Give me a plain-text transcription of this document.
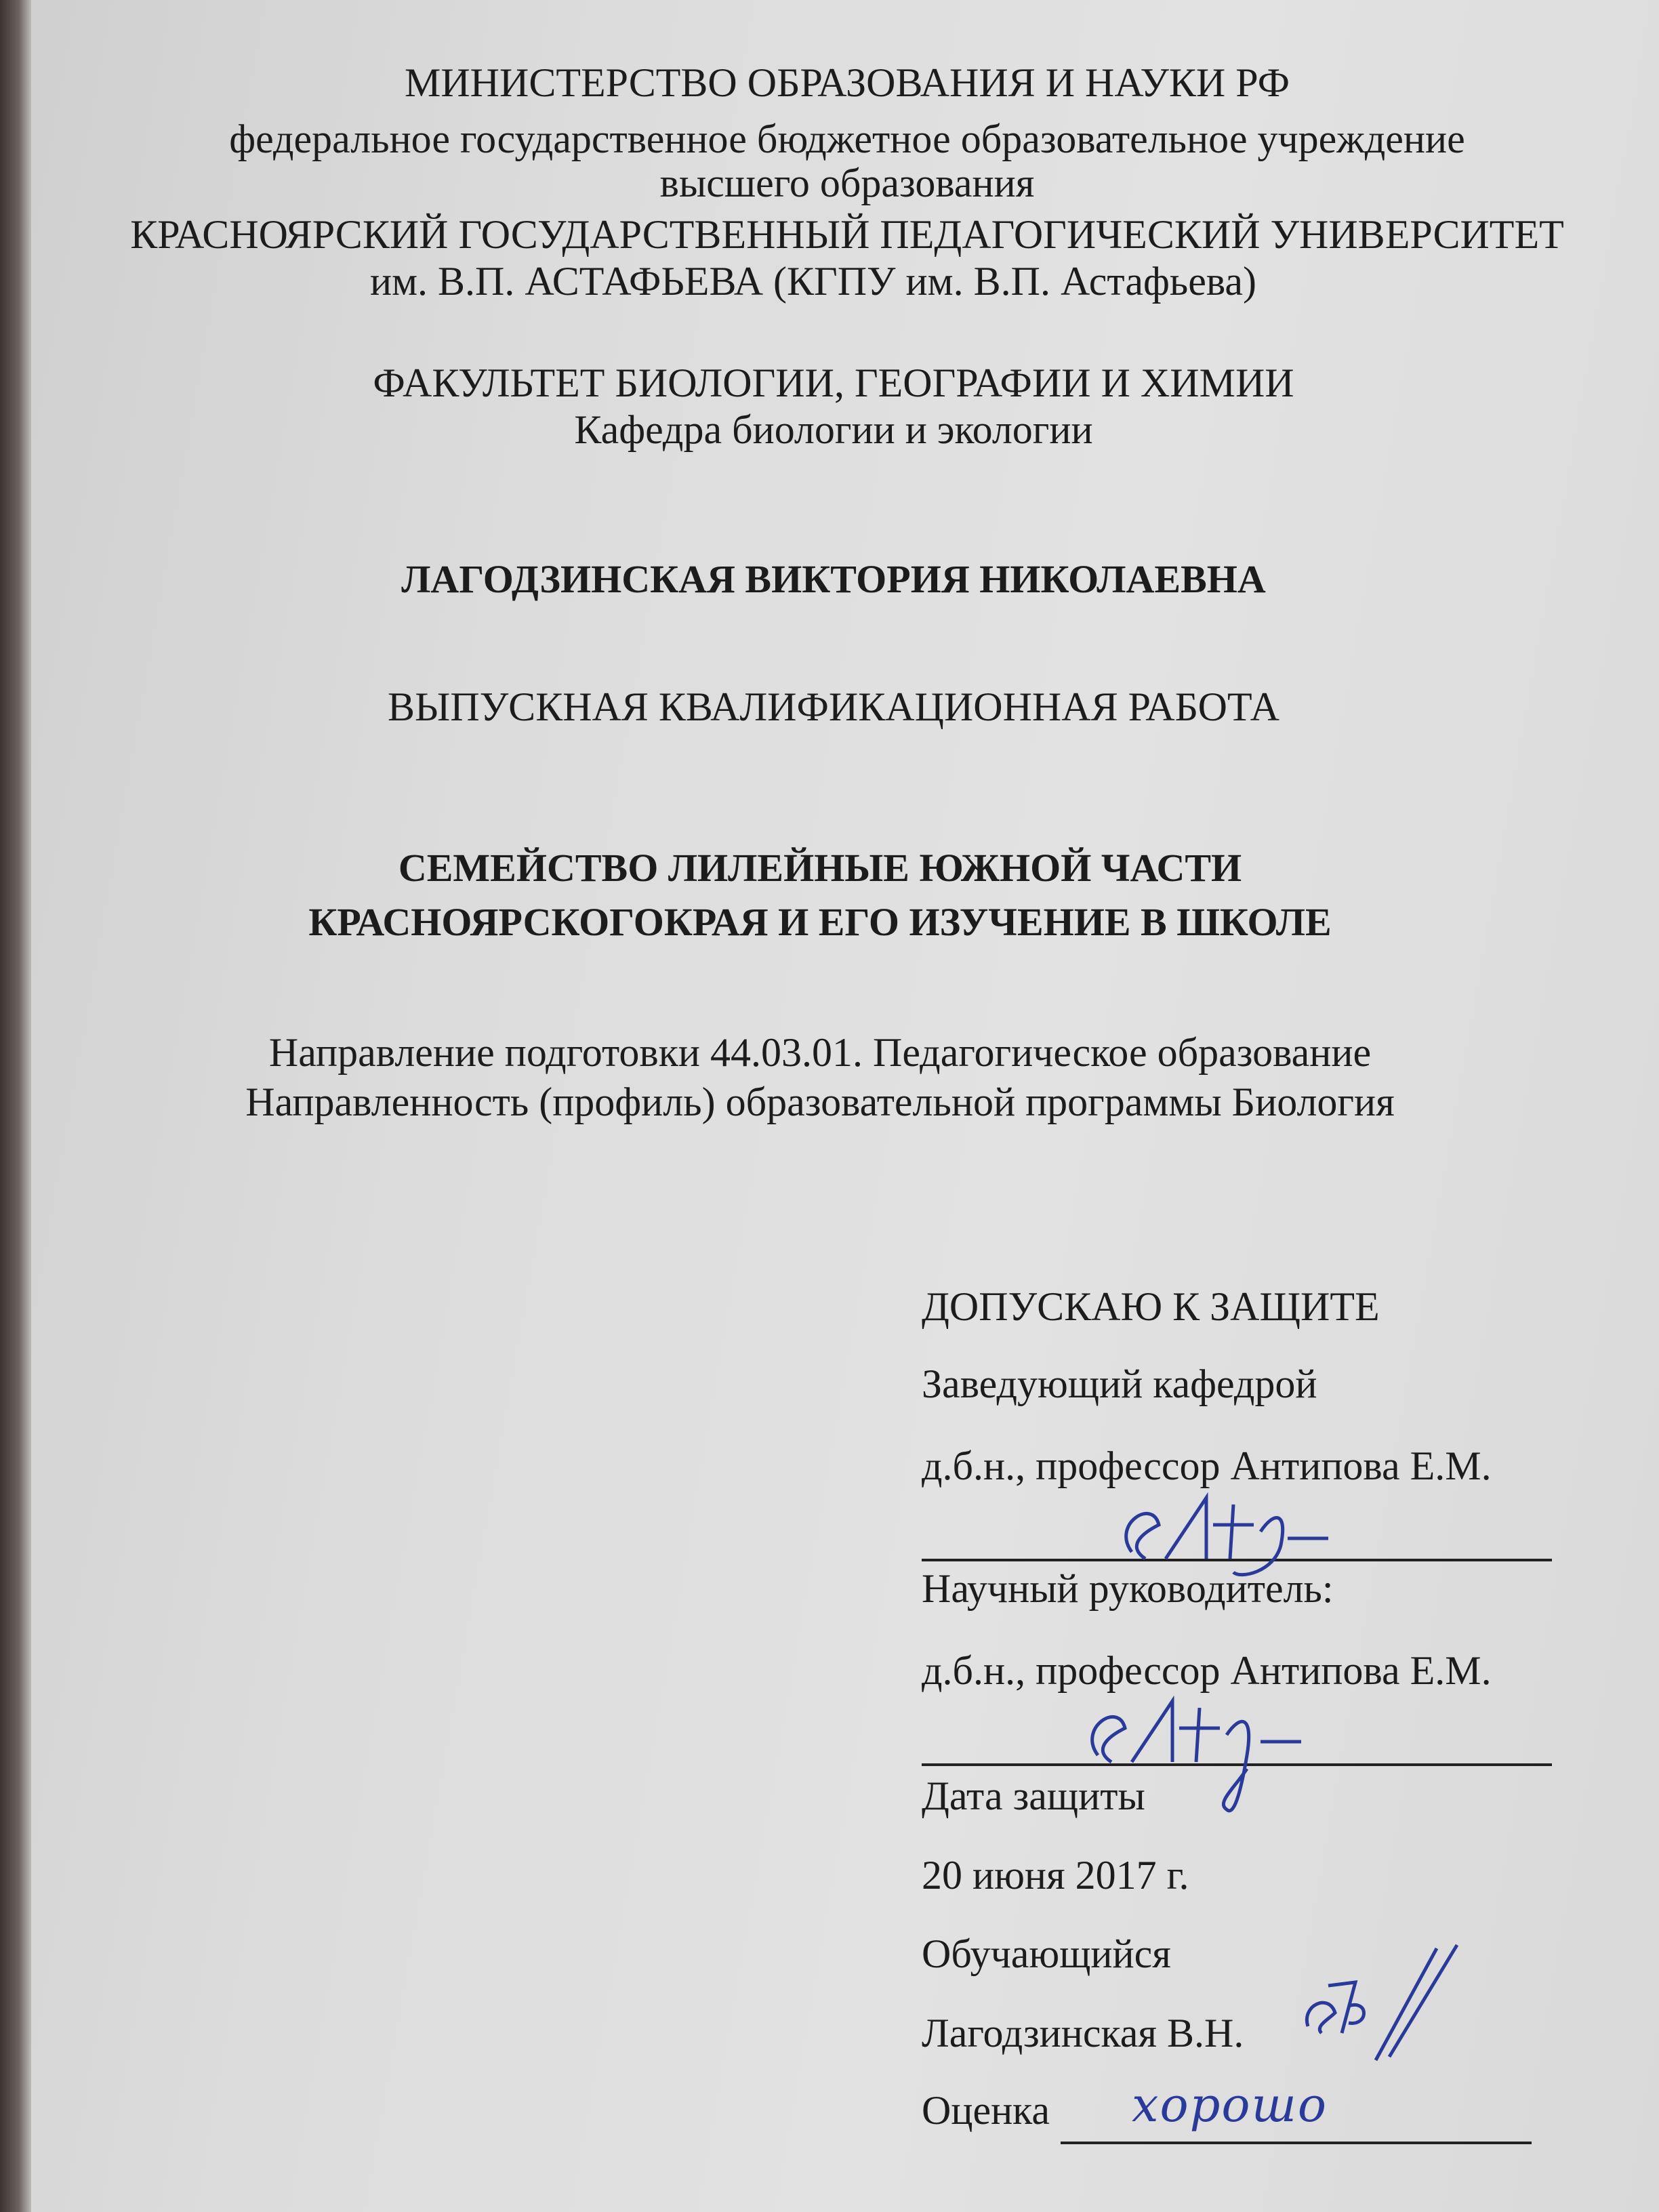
МИНИСТЕРСТВО ОБРАЗОВАНИЯ И НАУКИ РФ
федеральное государственное бюджетное образовательное учреждение
высшего образования
КРАСНОЯРСКИЙ ГОСУДАРСТВЕННЫЙ ПЕДАГОГИЧЕСКИЙ УНИВЕРСИТЕТ
им. В.П. АСТАФЬЕВА (КГПУ им. В.П. Астафьева)
ФАКУЛЬТЕТ БИОЛОГИИ, ГЕОГРАФИИ И ХИМИИ
Кафедра биологии и экологии
ЛАГОДЗИНСКАЯ ВИКТОРИЯ НИКОЛАЕВНА
ВЫПУСКНАЯ КВАЛИФИКАЦИОННАЯ РАБОТА
СЕМЕЙСТВО ЛИЛЕЙНЫЕ ЮЖНОЙ ЧАСТИ
КРАСНОЯРСКОГОКРАЯ И ЕГО ИЗУЧЕНИЕ В ШКОЛЕ
Направление подготовки 44.03.01. Педагогическое образование
Направленность (профиль) образовательной программы Биология
ДОПУСКАЮ К ЗАЩИТЕ
Заведующий кафедрой
д.б.н., профессор Антипова Е.М.
Научный руководитель:
д.б.н., профессор Антипова Е.М.
Дата защиты
20 июня 2017 г.
Обучающийся
Лагодзинская В.Н.
Оценка хорошо
